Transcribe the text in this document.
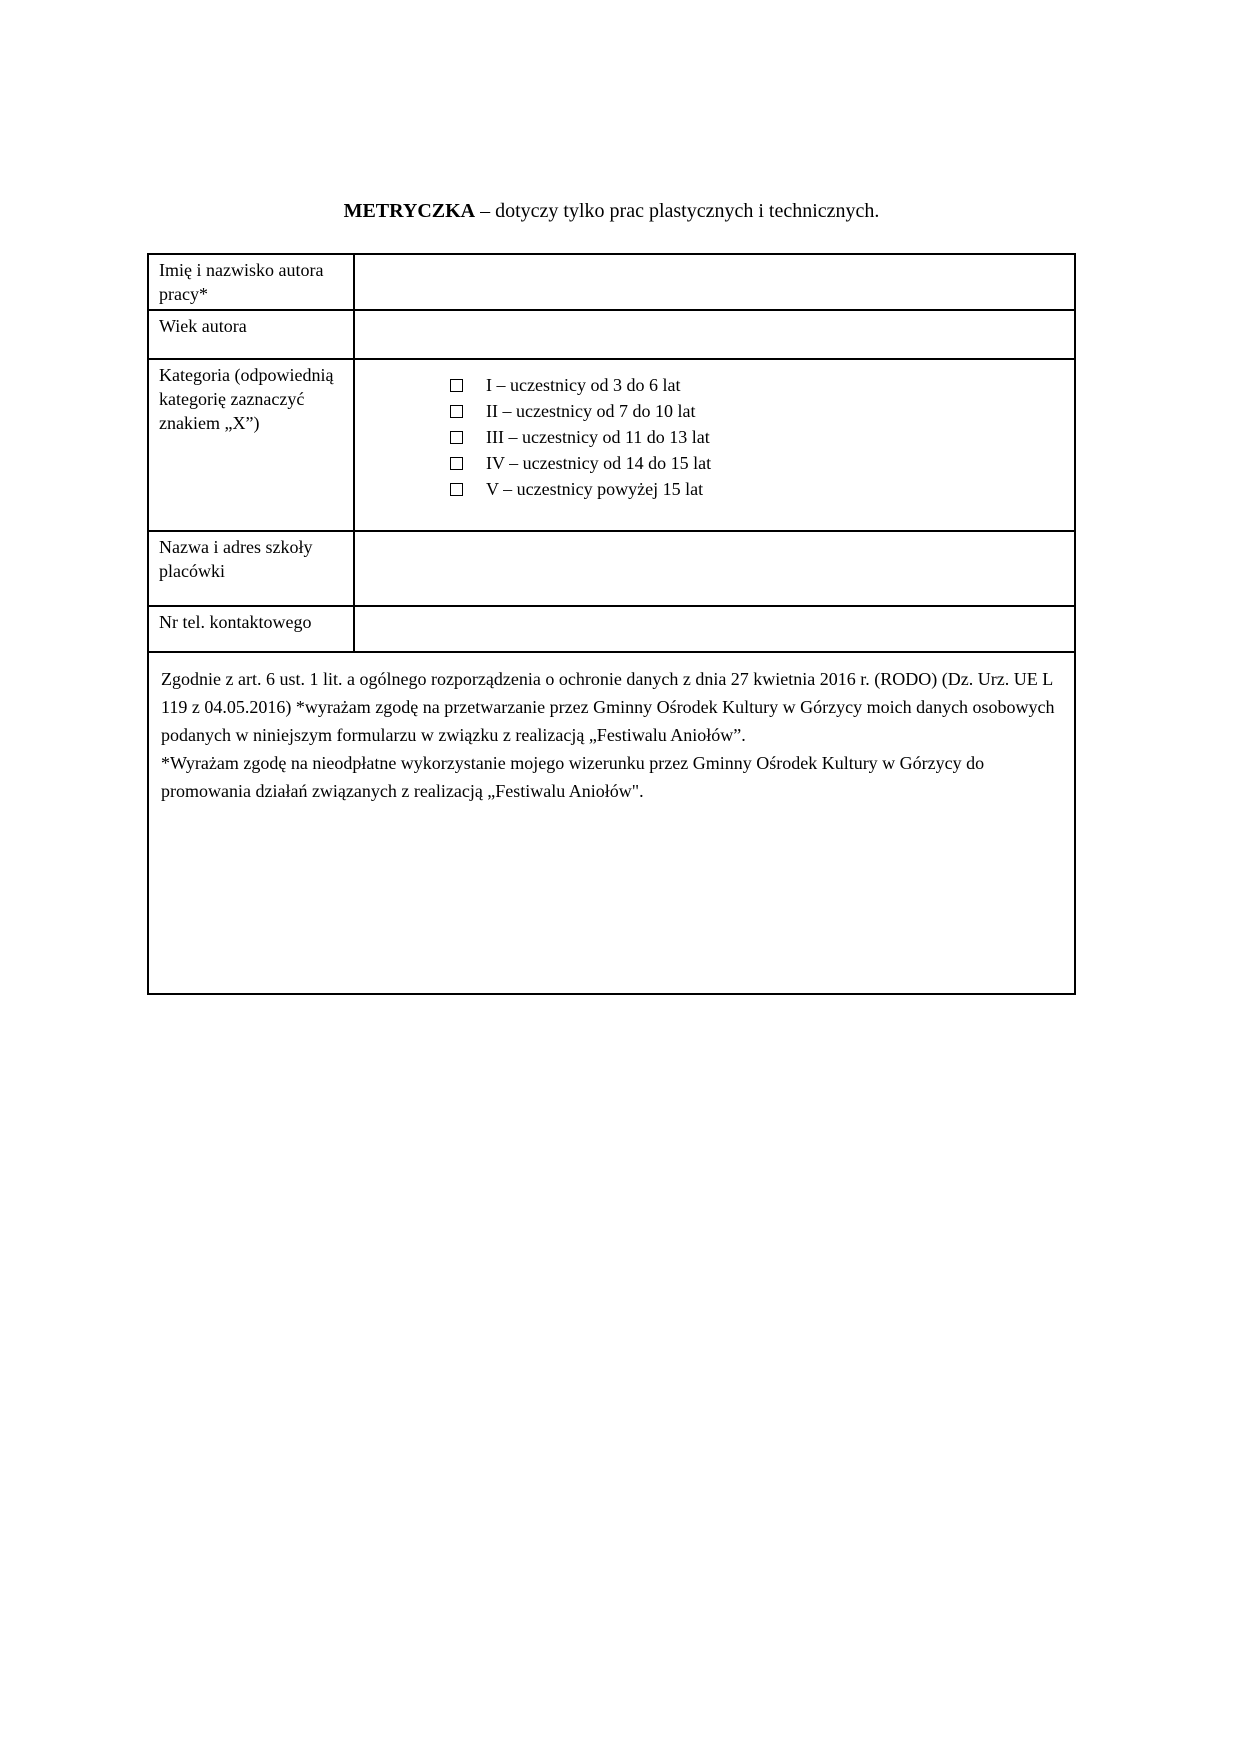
METRYCZKA – dotyczy tylko prac plastycznych i technicznych.
Imię i nazwisko autora pracy*	
Wiek autora	
Kategoria (odpowiednią kategorię zaznaczyć znakiem „X”)	I – uczestnicy od 3 do 6 lat
II – uczestnicy od 7 do 10 lat
III – uczestnicy od 11 do 13 lat
IV – uczestnicy od 14 do 15 lat
V – uczestnicy powyżej 15 lat

Nazwa i adres szkoły placówki	
Nr tel. kontaktowego	

Zgodnie z art. 6 ust. 1 lit. a ogólnego rozporządzenia o ochronie danych z dnia 27 kwietnia 2016 r. (RODO) (Dz. Urz. UE L 119 z 04.05.2016) *wyrażam zgodę na przetwarzanie przez Gminny Ośrodek Kultury w Górzycy moich danych osobowych podanych w niniejszym formularzu w związku z realizacją „Festiwalu Aniołów”.
*Wyrażam zgodę na nieodpłatne wykorzystanie mojego wizerunku przez Gminny Ośrodek Kultury w Górzycy do promowania działań związanych z realizacją „Festiwalu Aniołów".	
